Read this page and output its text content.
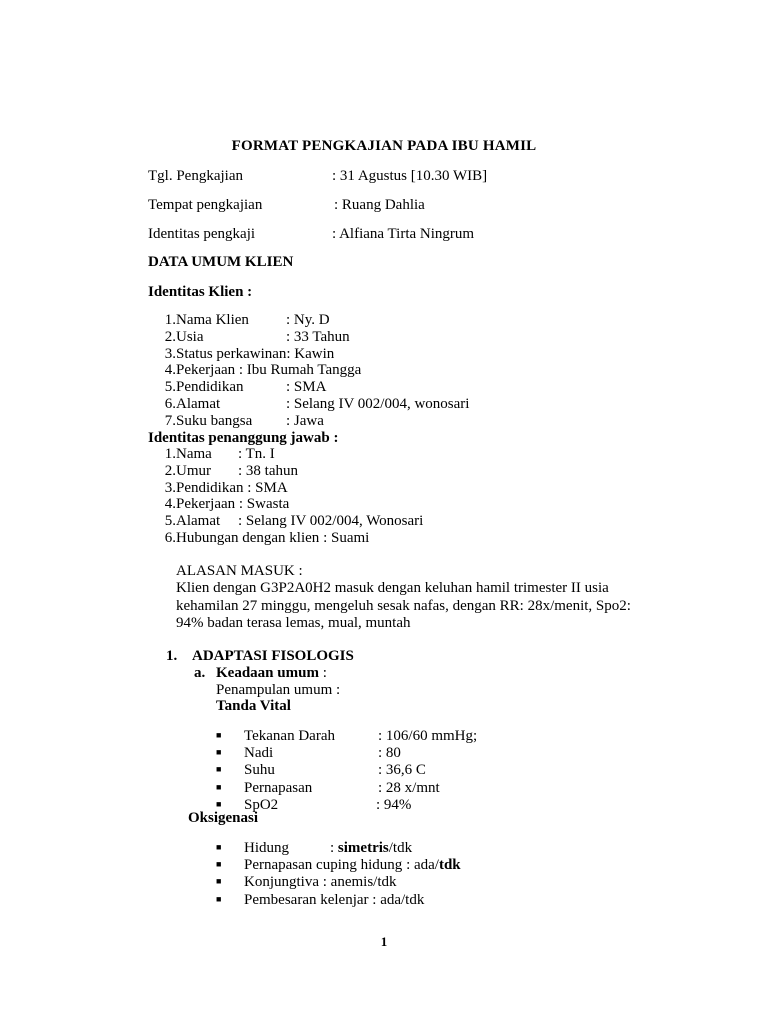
FORMAT PENGKAJIAN PADA IBU HAMIL
Tgl. Pengkajian	: 31 Agustus [10.30 WIB]
Tempat pengkajian	: Ruang Dahlia
Identitas pengkaji	: Alfiana Tirta Ningrum
DATA UMUM KLIEN
Identitas Klien :
1.Nama Klien : Ny. D
2.Usia	: 33 Tahun
3.Status perkawinan: Kawin
4.Pekerjaan : Ibu Rumah Tangga
5.Pendidikan	: SMA
6.Alamat	: Selang IV 002/004, wonosari
7.Suku bangsa : Jawa
Identitas penanggung jawab :
1.Nama : Tn. I
2.Umur : 38 tahun
3.Pendidikan : SMA
4.Pekerjaan : Swasta
5.Alamat : Selang IV 002/004, Wonosari
6.Hubungan dengan klien : Suami
ALASAN MASUK :
Klien dengan G3P2A0H2 masuk dengan keluhan hamil trimester II usia
kehamilan 27 minggu, mengeluh sesak nafas, dengan RR: 28x/menit, Spo2:
94% badan terasa lemas, mual, muntah
1. ADAPTASI FISOLOGIS
a. Keadaan umum :
Penampulan umum :
Tanda Vital
■ Tekanan Darah	: 106/60 mmHg;
■ Nadi	: 80
■ Suhu	: 36,6 C
■ Pernapasan	: 28 x/mnt
■ SpO2	: 94%
Oksigenasi
■ Hidung	: simetris/tdk
■ Pernapasan cuping hidung : ada/tdk
■ Konjungtiva : anemis/tdk
■ Pembesaran kelenjar : ada/tdk
1
